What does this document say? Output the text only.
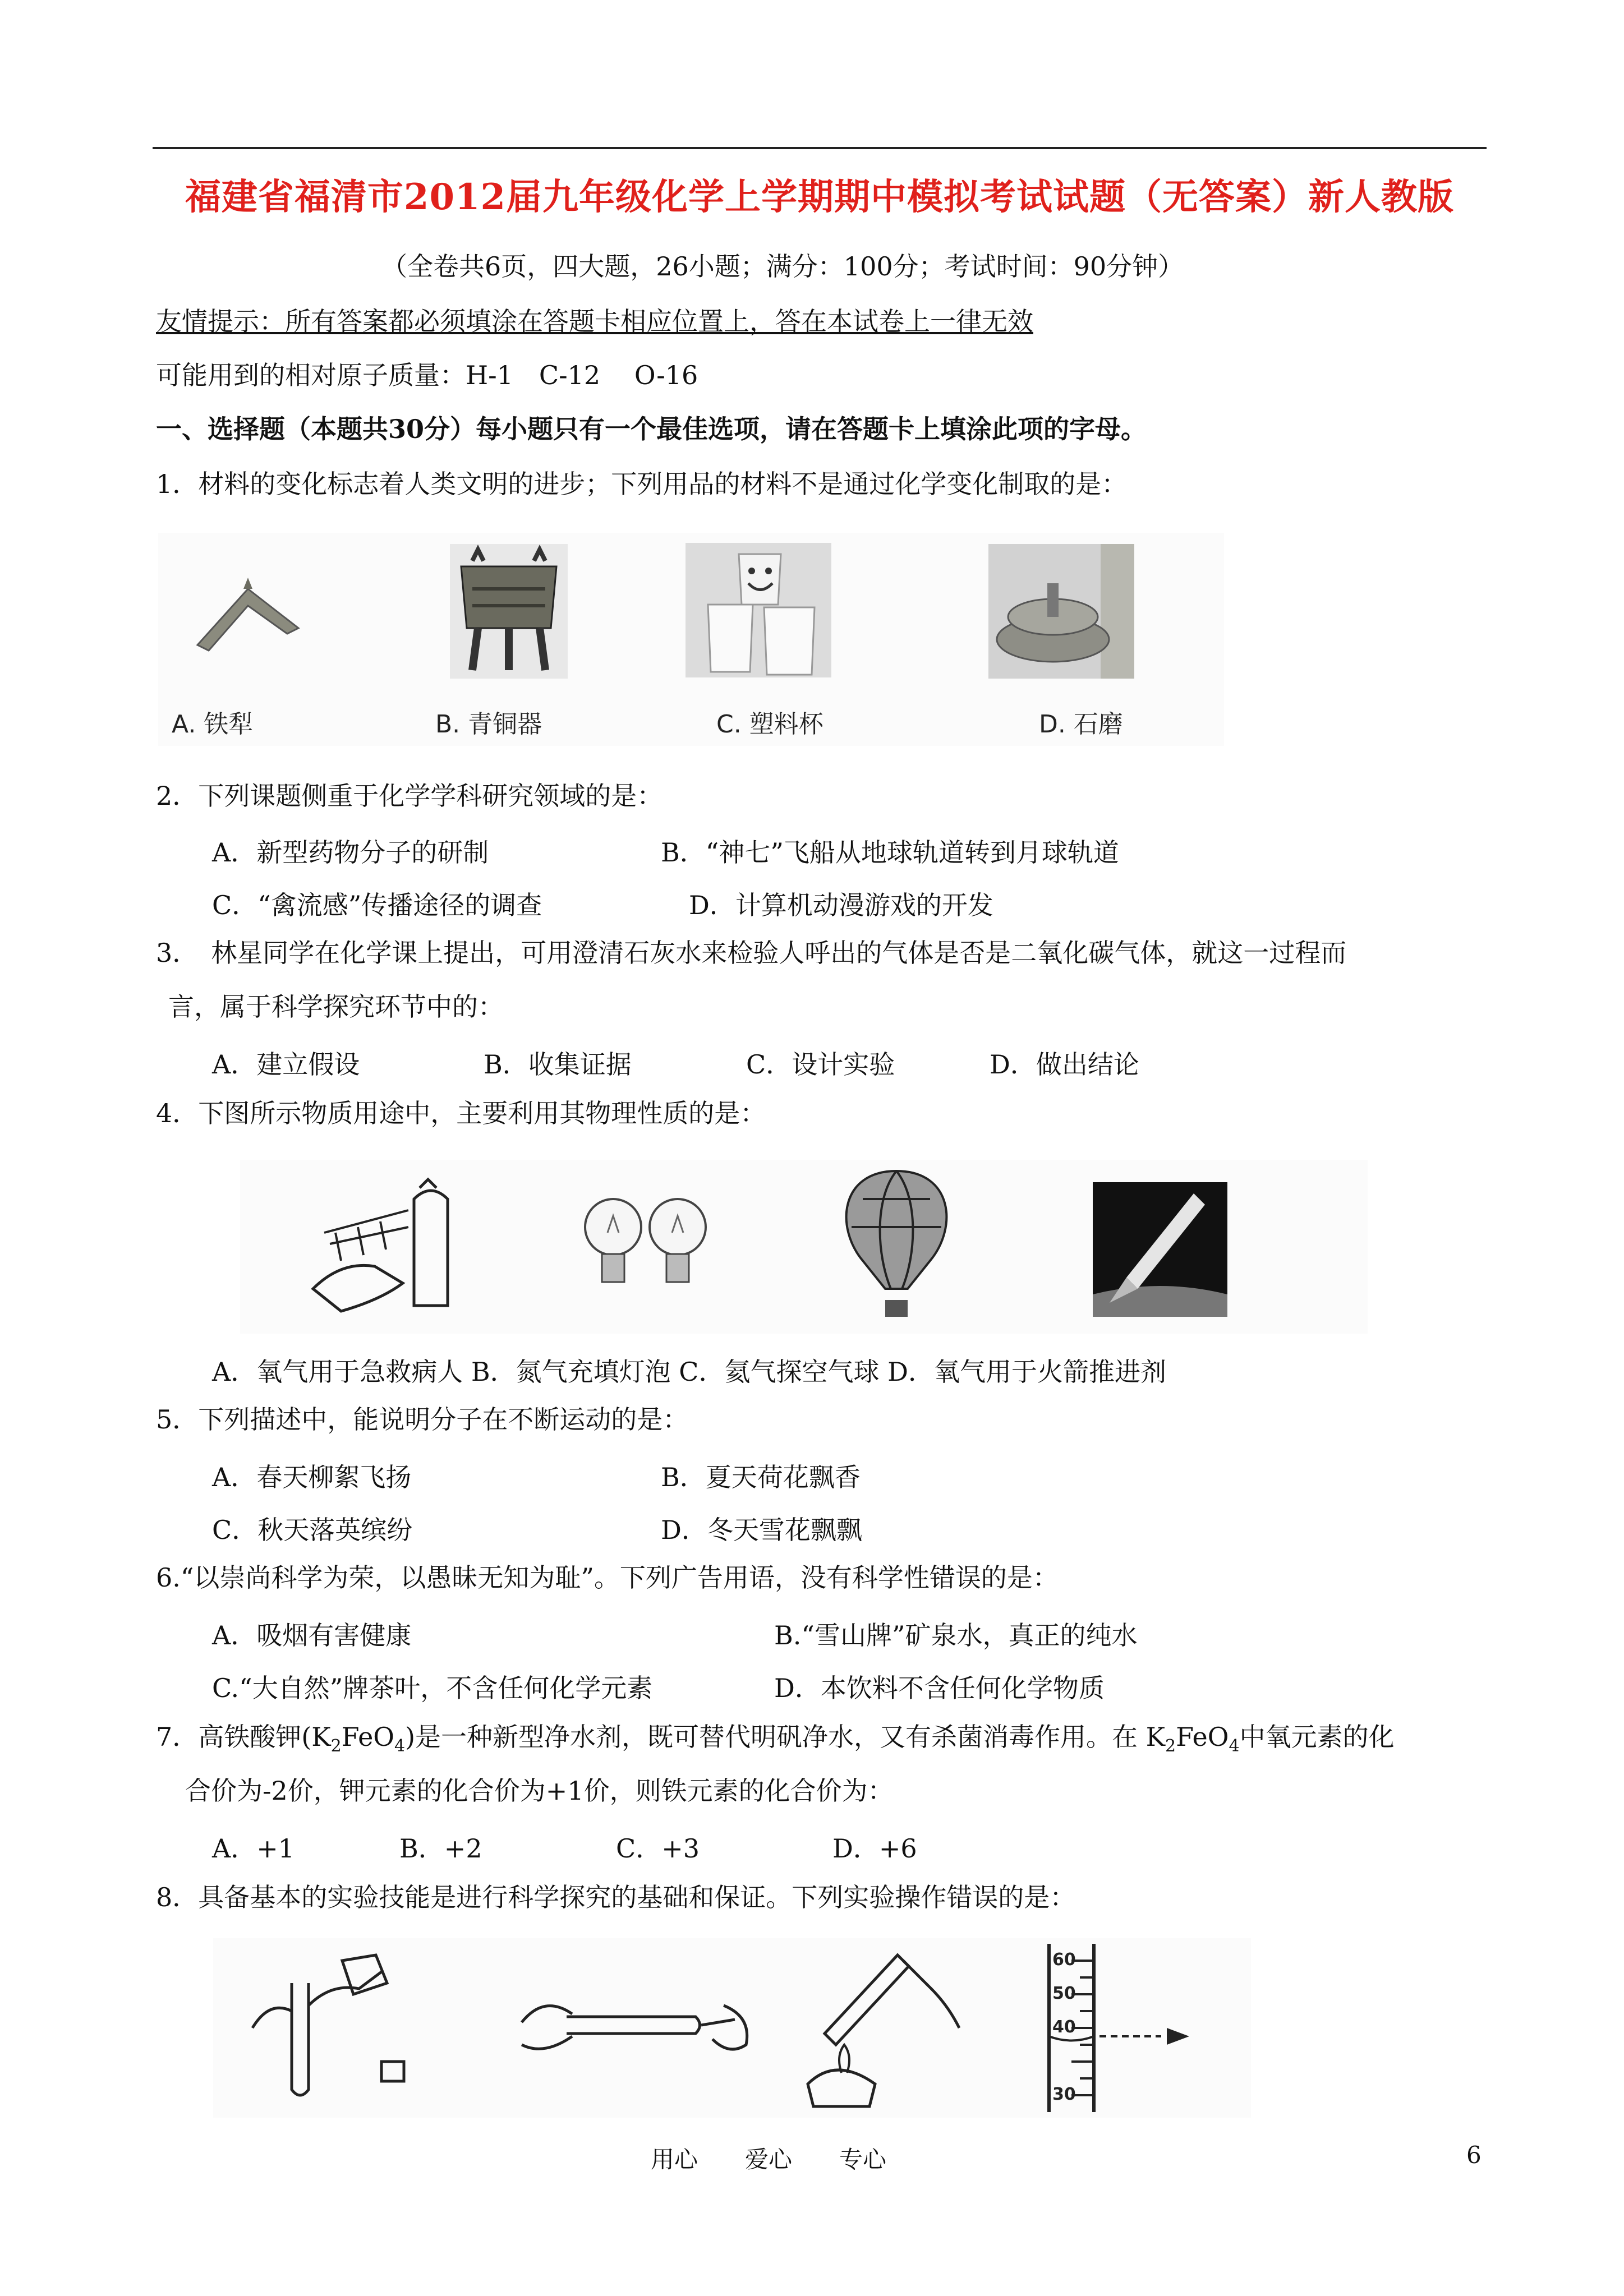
福建省福清市2012届九年级化学上学期期中模拟考试试题（无答案）新人教版
（全卷共6页，四大题，26小题；满分：100分；考试时间：90分钟）
友情提示：所有答案都必须填涂在答题卡相应位置上，答在本试卷上一律无效
可能用到的相对原子质量：H-1　C-12　 O-16
一、选择题（本题共30分）每小题只有一个最佳选项，请在答题卡上填涂此项的字母。
1．材料的变化标志着人类文明的进步；下列用品的材料不是通过化学变化制取的是：
A. 铁犁	B. 青铜器	C. 塑料杯	D. 石磨
2．下列课题侧重于化学学科研究领域的是：
A．新型药物分子的研制	B．“神七”飞船从地球轨道转到月球轨道
C．“禽流感”传播途径的调查	D．计算机动漫游戏的开发
3．　林星同学在化学课上提出，可用澄清石灰水来检验人呼出的气体是否是二氧化碳气体，就这一过程而
言，属于科学探究环节中的：
A．建立假设	B．收集证据	C．设计实验	D．做出结论
4．下图所示物质用途中，主要利用其物理性质的是：
A．氧气用于急救病人 B．氮气充填灯泡 C．氦气探空气球 D．氧气用于火箭推进剂
5．下列描述中，能说明分子在不断运动的是：
A．春天柳絮飞扬	B．夏天荷花飘香
C．秋天落英缤纷	D．冬天雪花飘飘
6.“以崇尚科学为荣，以愚昧无知为耻”。下列广告用语，没有科学性错误的是：
A．吸烟有害健康	B.“雪山牌”矿泉水，真正的纯水
C.“大自然”牌茶叶，不含任何化学元素	D．本饮料不含任何化学物质
7．高铁酸钾$(K_2FeO_4)$是一种新型净水剂，既可替代明矾净水，又有杀菌消毒作用。在 $K_2FeO_4$中氧元素的化
合价为-2价，钾元素的化合价为+1价，则铁元素的化合价为：
A．+1	B．+2	C．+3	D．+6
8．具备基本的实验技能是进行科学探究的基础和保证。下列实验操作错误的是：
60
50
40
30
用心　　爱心　　专心	6
